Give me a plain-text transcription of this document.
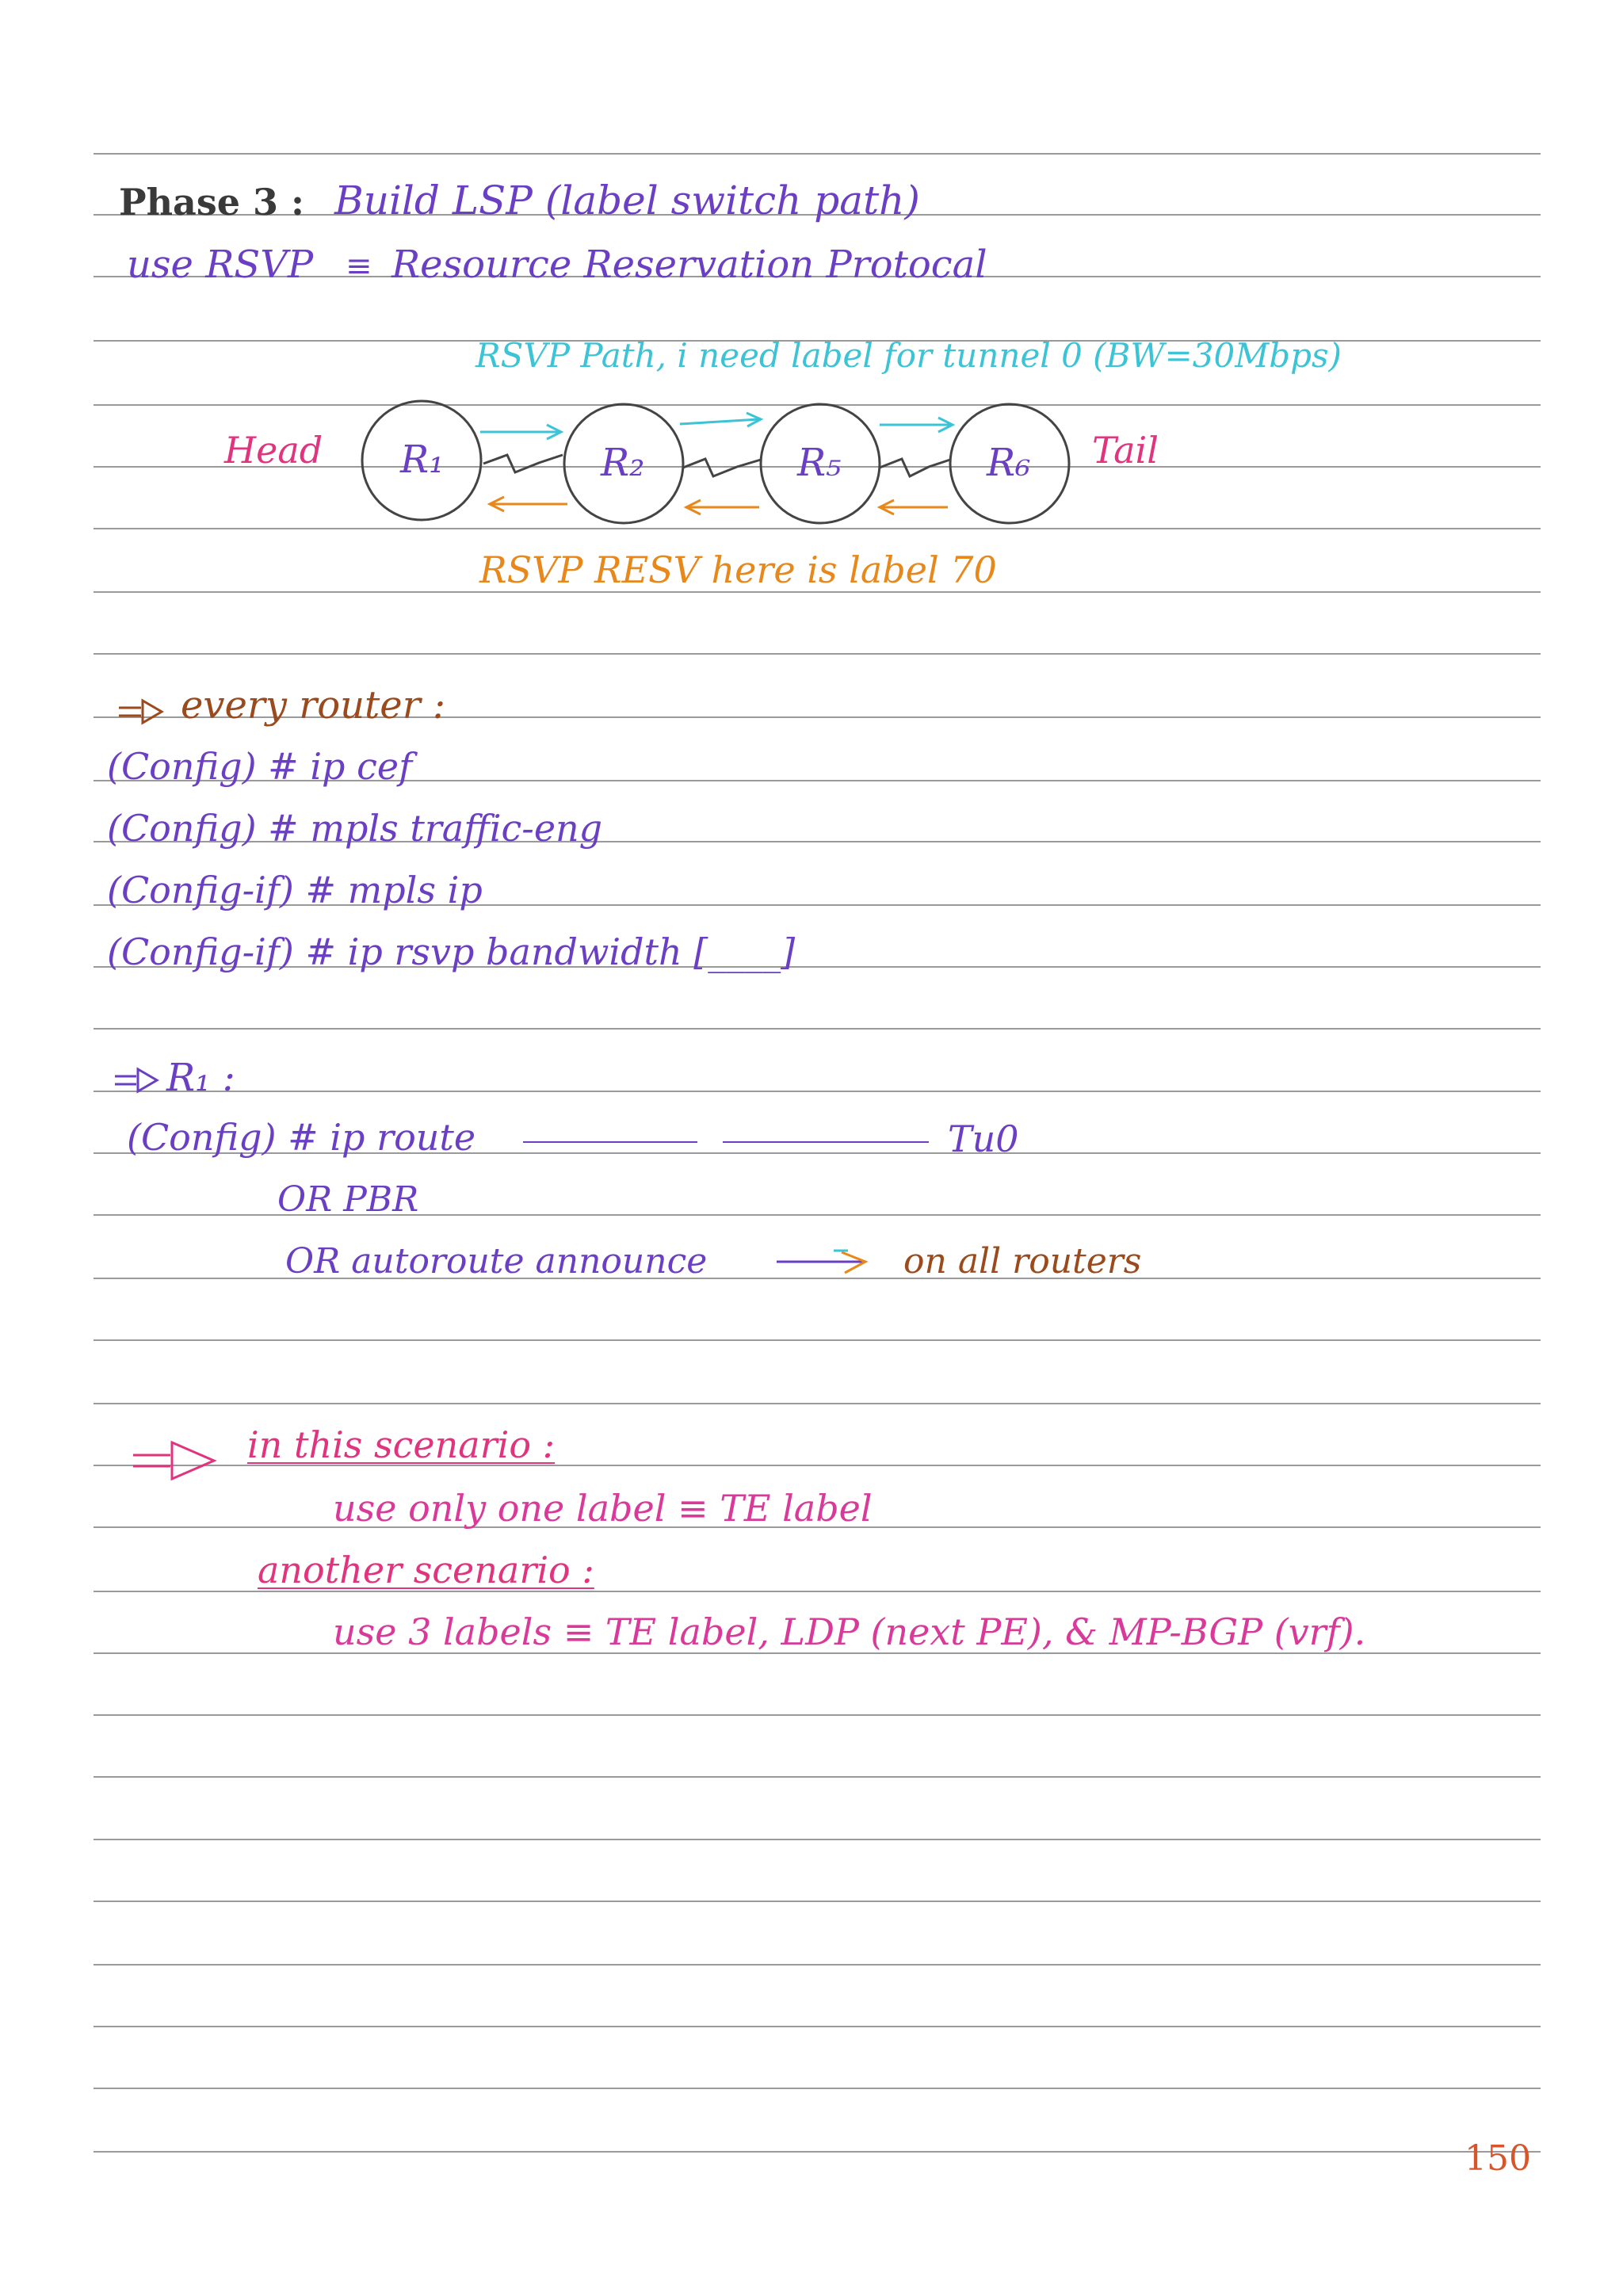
Phase 3 : Build LSP (label switch path)
use RSVP ≡ Resource Reservation Protocal
RSVP Path, i need label for tunnel 0 (BW=30Mbps)
Head	Tail
R₁	R₂	R₅	R₆
RSVP RESV here is label 70
every router :
(Config) # ip cef
(Config) # mpls traffic-eng
(Config-if) # mpls ip
(Config-if) # ip rsvp bandwidth [____]
R₁ :
(Config) # ip route	Tu0
OR PBR
OR autoroute announce	on all routers
in this scenario :
use only one label ≡ TE label
another scenario :
use 3 labels ≡ TE label, LDP (next PE), & MP-BGP (vrf).
150
